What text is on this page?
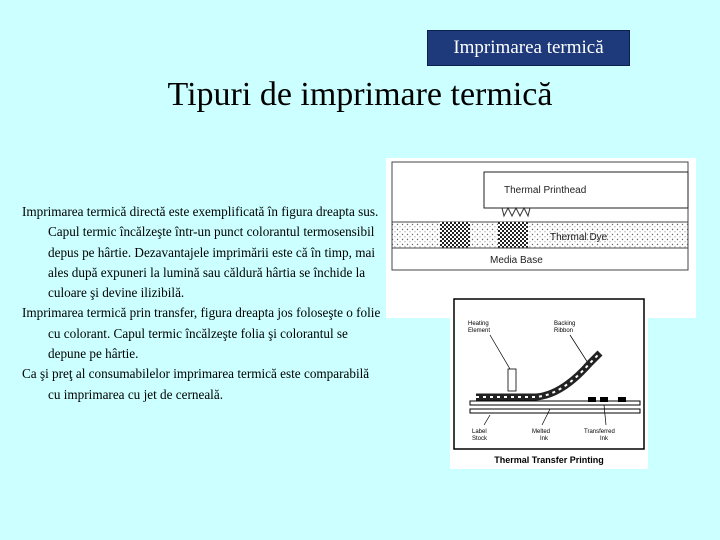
Imprimarea termică
Tipuri de imprimare termică

Imprimarea termică directă este exemplificată în figura dreapta sus. Capul termic încălzeşte într-un punct colorantul termosensibil depus pe hârtie. Dezavantajele imprimării este că în timp, mai ales după expuneri la lumină sau căldură hârtia se închide la culoare şi devine ilizibilă.

Imprimarea termică prin transfer, figura dreapta jos foloseşte o folie cu colorant. Capul termic încălzeşte folia şi colorantul se depune pe hârtie.

Ca şi preţ al consumabilelor imprimarea termică este comparabilă cu imprimarea cu jet de cerneală.

Thermal Printhead
Thermal Dye
Media Base
Heating
Element
Backing
Ribbon
Label
Stock
Melted
Ink
Transferred
Ink
Thermal Transfer Printing
